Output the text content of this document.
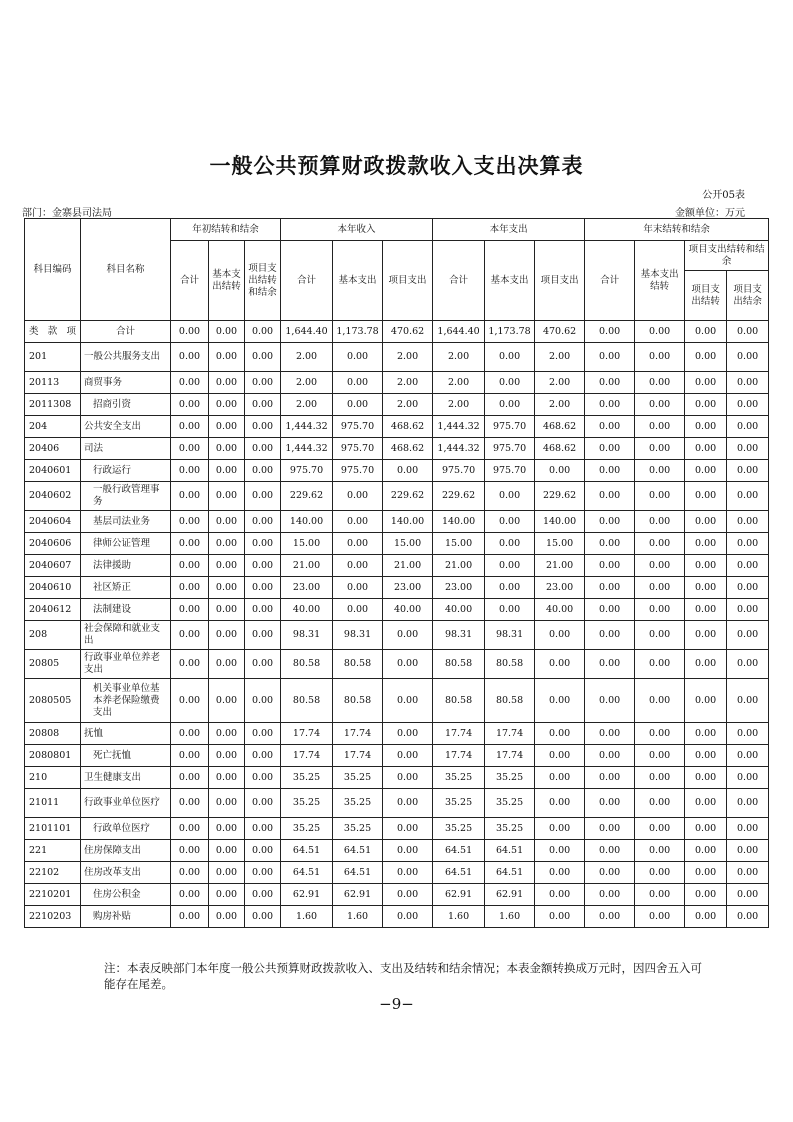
一般公共预算财政拨款收入支出决算表
公开05表
部门：金寨县司法局	金额单位：万元
科目编码	科目名称	年初结转和结余			本年收入			本年支出			年末结转和结余			
		合计	基本支出结转	项目支出结转和结余	合计	基本支出	项目支出	合计	基本支出	项目支出	合计	基本支出结转	项目支出结转和结余	
													项目支出结转	项目支出结余

类 款 项	合计	0.00	0.00	0.00	1,644.40	1,173.78	470.62	1,644.40	1,173.78	470.62	0.00	0.00	0.00	0.00
201	一般公共服务支出	0.00	0.00	0.00	2.00	0.00	2.00	2.00	0.00	2.00	0.00	0.00	0.00	0.00
20113	商贸事务	0.00	0.00	0.00	2.00	0.00	2.00	2.00	0.00	2.00	0.00	0.00	0.00	0.00
2011308	招商引资	0.00	0.00	0.00	2.00	0.00	2.00	2.00	0.00	2.00	0.00	0.00	0.00	0.00
204	公共安全支出	0.00	0.00	0.00	1,444.32	975.70	468.62	1,444.32	975.70	468.62	0.00	0.00	0.00	0.00
20406	司法	0.00	0.00	0.00	1,444.32	975.70	468.62	1,444.32	975.70	468.62	0.00	0.00	0.00	0.00
2040601	行政运行	0.00	0.00	0.00	975.70	975.70	0.00	975.70	975.70	0.00	0.00	0.00	0.00	0.00
2040602	一般行政管理事务	0.00	0.00	0.00	229.62	0.00	229.62	229.62	0.00	229.62	0.00	0.00	0.00	0.00
2040604	基层司法业务	0.00	0.00	0.00	140.00	0.00	140.00	140.00	0.00	140.00	0.00	0.00	0.00	0.00
2040606	律师公证管理	0.00	0.00	0.00	15.00	0.00	15.00	15.00	0.00	15.00	0.00	0.00	0.00	0.00
2040607	法律援助	0.00	0.00	0.00	21.00	0.00	21.00	21.00	0.00	21.00	0.00	0.00	0.00	0.00
2040610	社区矫正	0.00	0.00	0.00	23.00	0.00	23.00	23.00	0.00	23.00	0.00	0.00	0.00	0.00
2040612	法制建设	0.00	0.00	0.00	40.00	0.00	40.00	40.00	0.00	40.00	0.00	0.00	0.00	0.00
208	社会保障和就业支出	0.00	0.00	0.00	98.31	98.31	0.00	98.31	98.31	0.00	0.00	0.00	0.00	0.00
20805	行政事业单位养老支出	0.00	0.00	0.00	80.58	80.58	0.00	80.58	80.58	0.00	0.00	0.00	0.00	0.00
2080505	机关事业单位基本养老保险缴费支出	0.00	0.00	0.00	80.58	80.58	0.00	80.58	80.58	0.00	0.00	0.00	0.00	0.00
20808	抚恤	0.00	0.00	0.00	17.74	17.74	0.00	17.74	17.74	0.00	0.00	0.00	0.00	0.00
2080801	死亡抚恤	0.00	0.00	0.00	17.74	17.74	0.00	17.74	17.74	0.00	0.00	0.00	0.00	0.00
210	卫生健康支出	0.00	0.00	0.00	35.25	35.25	0.00	35.25	35.25	0.00	0.00	0.00	0.00	0.00
21011	行政事业单位医疗	0.00	0.00	0.00	35.25	35.25	0.00	35.25	35.25	0.00	0.00	0.00	0.00	0.00
2101101	行政单位医疗	0.00	0.00	0.00	35.25	35.25	0.00	35.25	35.25	0.00	0.00	0.00	0.00	0.00
221	住房保障支出	0.00	0.00	0.00	64.51	64.51	0.00	64.51	64.51	0.00	0.00	0.00	0.00	0.00
22102	住房改革支出	0.00	0.00	0.00	64.51	64.51	0.00	64.51	64.51	0.00	0.00	0.00	0.00	0.00
2210201	住房公积金	0.00	0.00	0.00	62.91	62.91	0.00	62.91	62.91	0.00	0.00	0.00	0.00	0.00
2210203	购房补贴	0.00	0.00	0.00	1.60	1.60	0.00	1.60	1.60	0.00	0.00	0.00	0.00	0.00
注：本表反映部门本年度一般公共预算财政拨款收入、支出及结转和结余情况；本表金额转换成万元时，因四舍五入可能存在尾差。
−9−
